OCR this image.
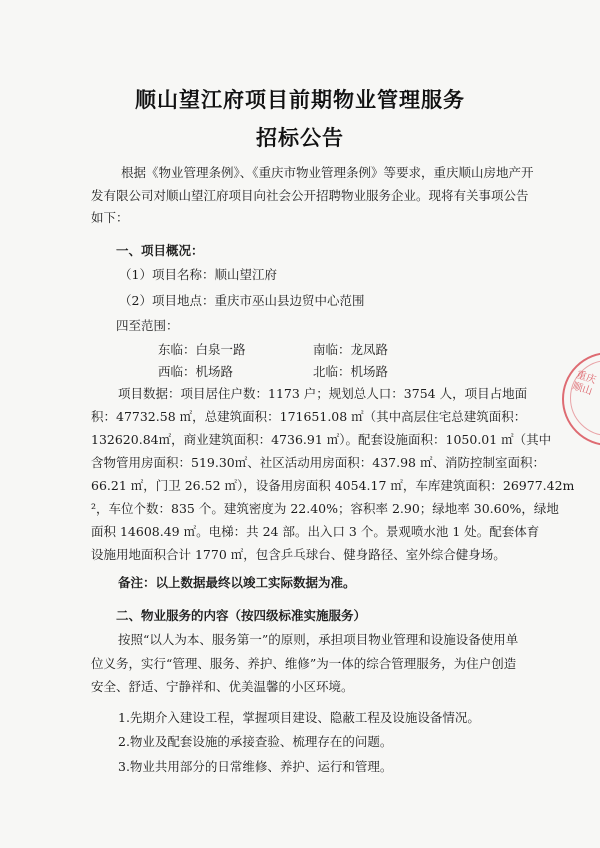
顺山望江府项目前期物业管理服务
招标公告
根据《物业管理条例》、《重庆市物业管理条例》等要求，重庆顺山房地产开
发有限公司对顺山望江府项目向社会公开招聘物业服务企业。现将有关事项公告
如下：
一、项目概况：
（1）项目名称：顺山望江府
（2）项目地点：重庆市巫山县边贸中心范围
四至范围：
东临：白泉一路	南临：龙凤路
西临：机场路	北临：机场路
项目数据：项目居住户数：1173 户；规划总人口：3754 人，项目占地面
积：47732.58 ㎡，总建筑面积：171651.08 ㎡（其中高层住宅总建筑面积：
132620.84㎡，商业建筑面积：4736.91 ㎡）。配套设施面积：1050.01 ㎡（其中
含物管用房面积：519.30㎡、社区活动用房面积：437.98 ㎡、消防控制室面积：
66.21 ㎡，门卫 26.52 ㎡），设备用房面积 4054.17 ㎡，车库建筑面积：26977.42m
²，车位个数：835 个。建筑密度为 22.40%；容积率 2.90；绿地率 30.60%，绿地
面积 14608.49 ㎡。电梯：共 24 部。出入口 3 个。景观喷水池 1 处。配套体育
设施用地面积合计 1770 ㎡，包含乒乓球台、健身路径、室外综合健身场。
备注：以上数据最终以竣工实际数据为准。
二、物业服务的内容（按四级标准实施服务）
按照“以人为本、服务第一”的原则，承担项目物业管理和设施设备使用单
位义务，实行“管理、服务、养护、维修”为一体的综合管理服务，为住户创造
安全、舒适、宁静祥和、优美温馨的小区环境。
1.先期介入建设工程，掌握项目建设、隐蔽工程及设施设备情况。
2.物业及配套设施的承接查验、梳理存在的问题。
3.物业共用部分的日常维修、养护、运行和管理。
重庆顺山
